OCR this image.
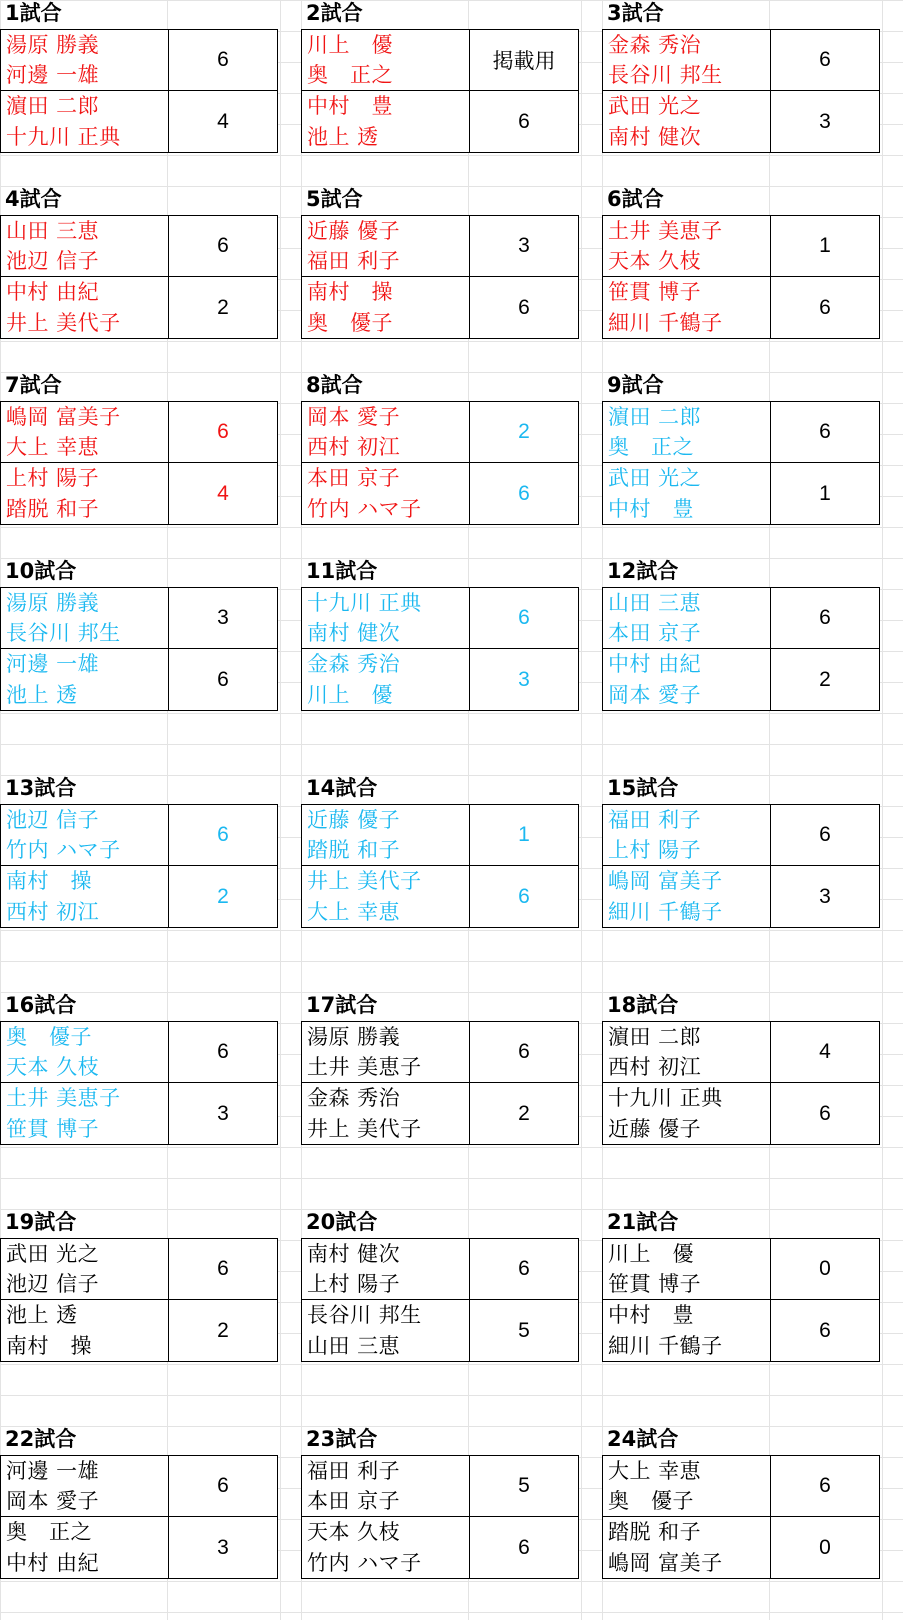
1試合
湯原 勝義
河邊 一雄
6
濵田 二郎
十九川 正典
4
2試合
川上　優
奥　正之
掲載用
中村　豊
池上 透
6
3試合
金森 秀治
長谷川 邦生
6
武田 光之
南村 健次
3
4試合
山田 三恵
池辺 信子
6
中村 由紀
井上 美代子
2
5試合
近藤 優子
福田 利子
3
南村　操
奥　優子
6
6試合
土井 美恵子
天本 久枝
1
笹貫 博子
細川 千鶴子
6
7試合
嶋岡 富美子
大上 幸恵
6
上村 陽子
踏脱 和子
4
8試合
岡本 愛子
西村 初江
2
本田 京子
竹内 ハマ子
6
9試合
濵田 二郎
奥　正之
6
武田 光之
中村　豊
1
10試合
湯原 勝義
長谷川 邦生
3
河邊 一雄
池上 透
6
11試合
十九川 正典
南村 健次
6
金森 秀治
川上　優
3
12試合
山田 三恵
本田 京子
6
中村 由紀
岡本 愛子
2
13試合
池辺 信子
竹内 ハマ子
6
南村　操
西村 初江
2
14試合
近藤 優子
踏脱 和子
1
井上 美代子
大上 幸恵
6
15試合
福田 利子
上村 陽子
6
嶋岡 富美子
細川 千鶴子
3
16試合
奥　優子
天本 久枝
6
土井 美恵子
笹貫 博子
3
17試合
湯原 勝義
土井 美恵子
6
金森 秀治
井上 美代子
2
18試合
濵田 二郎
西村 初江
4
十九川 正典
近藤 優子
6
19試合
武田 光之
池辺 信子
6
池上 透
南村　操
2
20試合
南村 健次
上村 陽子
6
長谷川 邦生
山田 三恵
5
21試合
川上　優
笹貫 博子
0
中村　豊
細川 千鶴子
6
22試合
河邊 一雄
岡本 愛子
6
奥　正之
中村 由紀
3
23試合
福田 利子
本田 京子
5
天本 久枝
竹内 ハマ子
6
24試合
大上 幸恵
奥　優子
6
踏脱 和子
嶋岡 富美子
0
